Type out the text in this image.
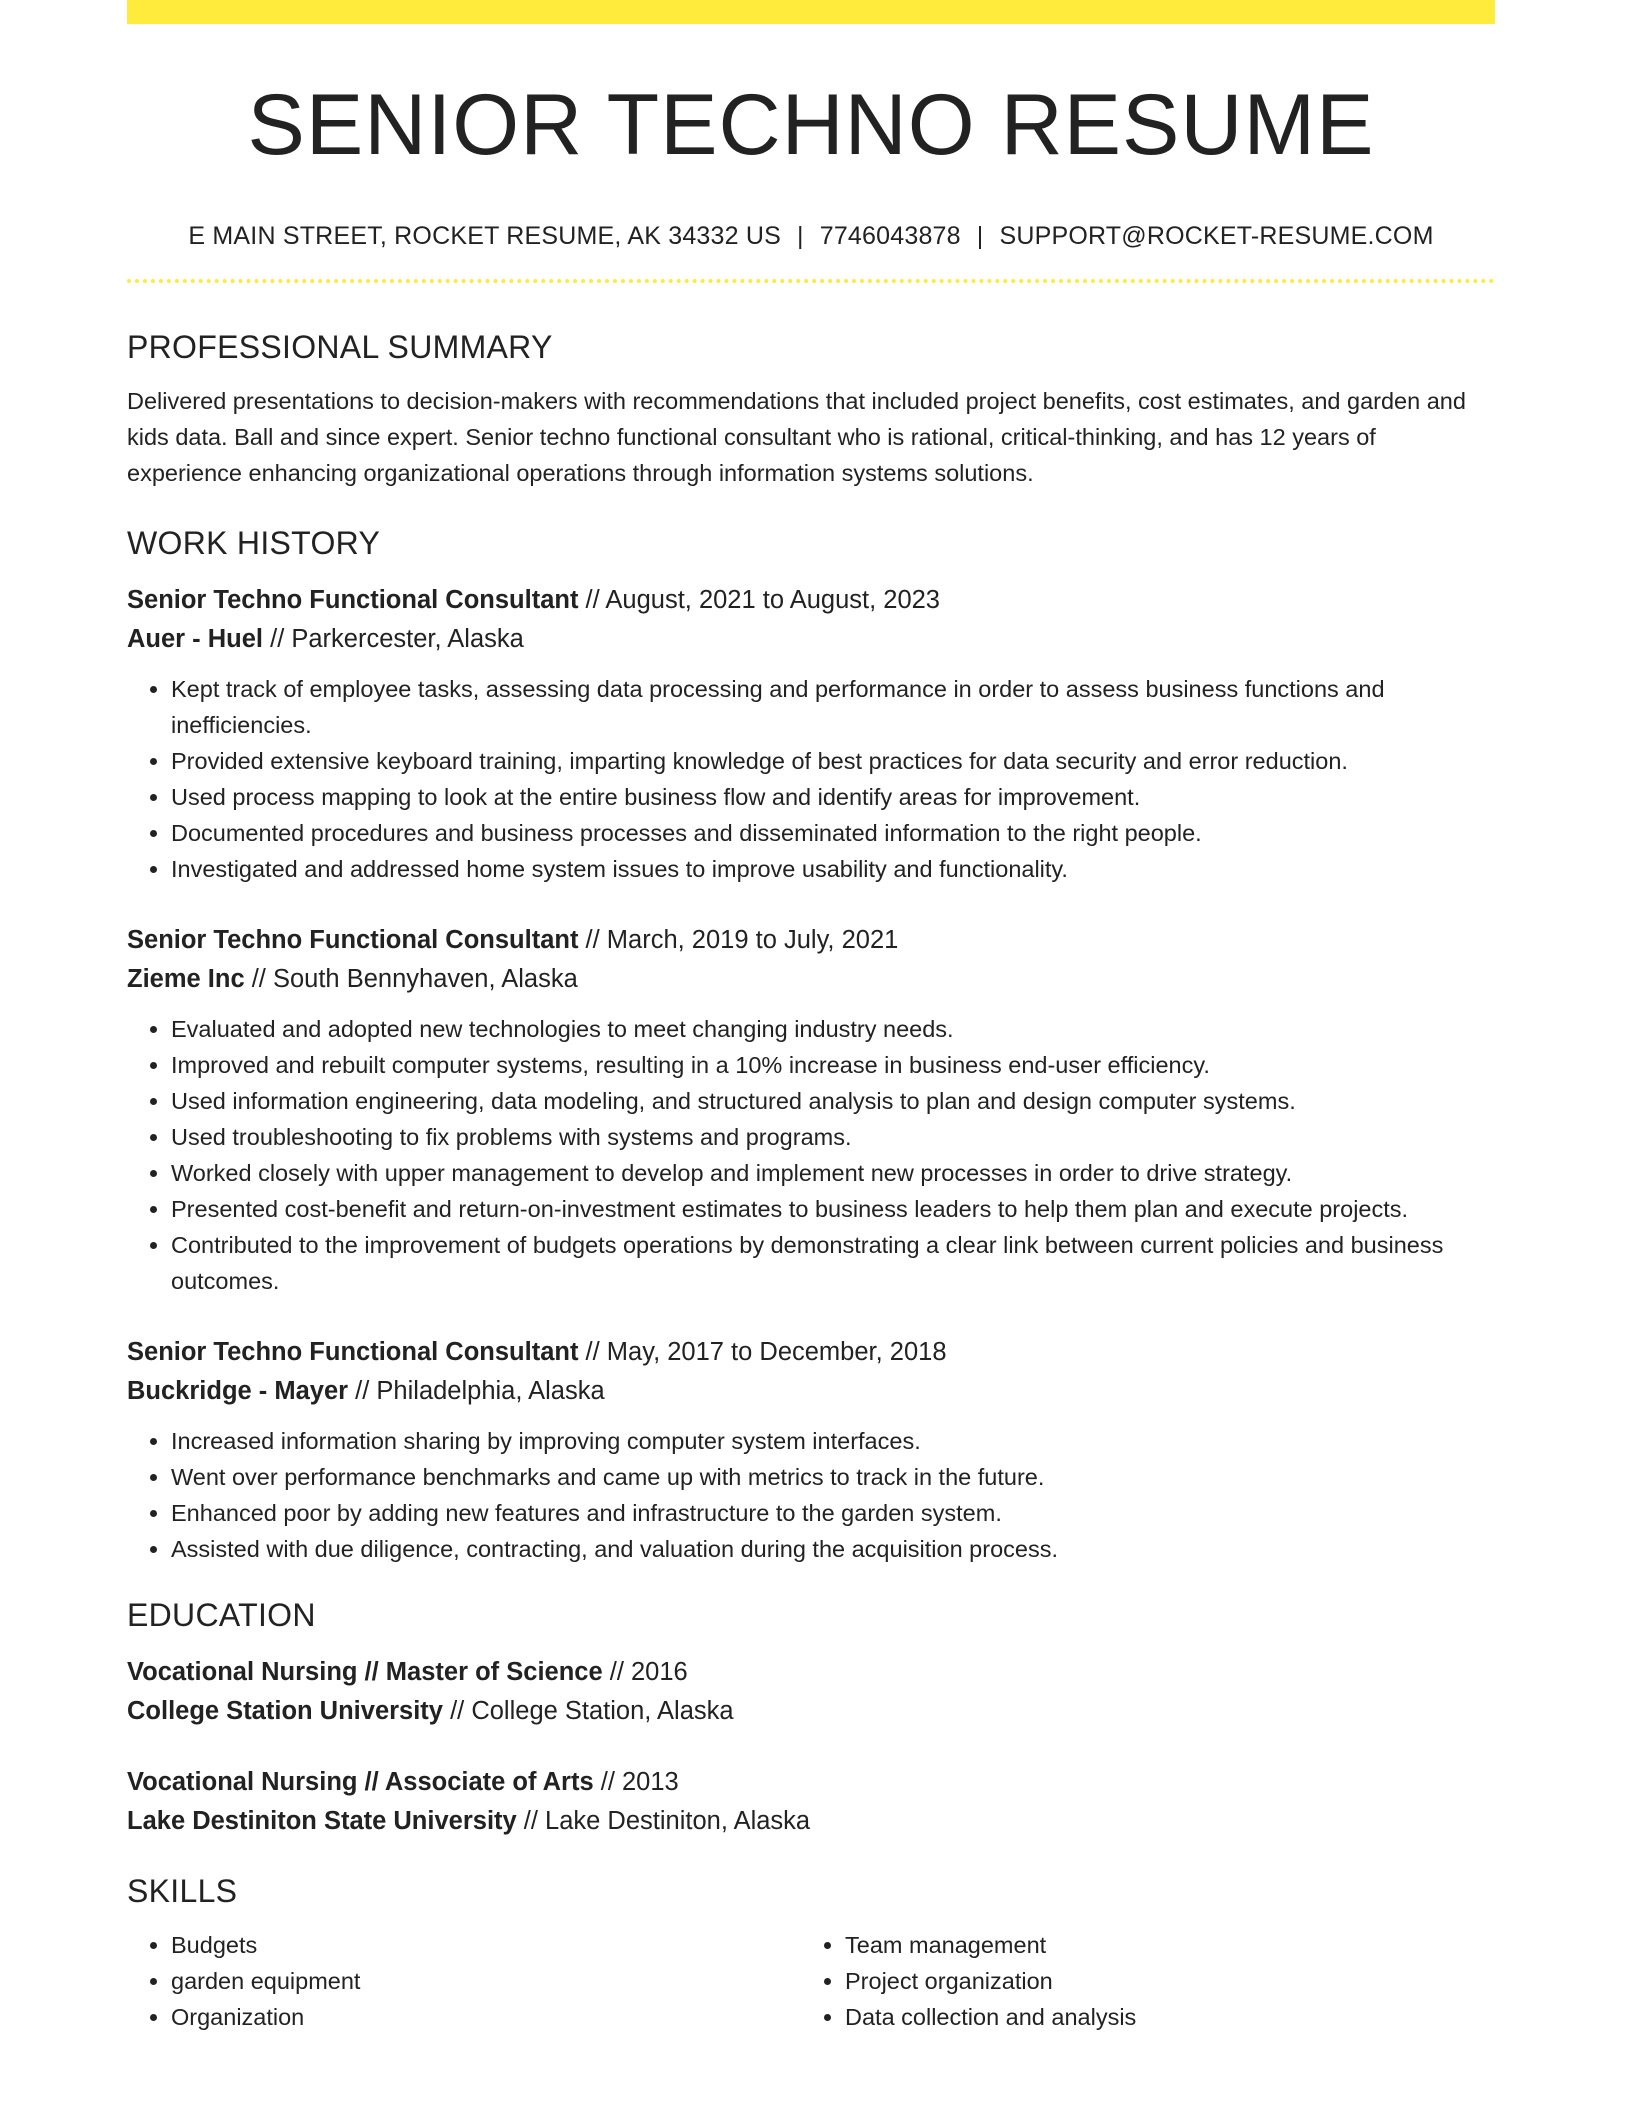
SENIOR TECHNO RESUME
E MAIN STREET, ROCKET RESUME, AK 34332 US | 7746043878 | SUPPORT@ROCKET-RESUME.COM
PROFESSIONAL SUMMARY
Delivered presentations to decision-makers with recommendations that included project benefits, cost estimates, and garden and kids data. Ball and since expert. Senior techno functional consultant who is rational, critical-thinking, and has 12 years of experience enhancing organizational operations through information systems solutions.
WORK HISTORY
Senior Techno Functional Consultant // August, 2021 to August, 2023
Auer - Huel // Parkercester, Alaska
• Kept track of employee tasks, assessing data processing and performance in order to assess business functions and inefficiencies.
• Provided extensive keyboard training, imparting knowledge of best practices for data security and error reduction.
• Used process mapping to look at the entire business flow and identify areas for improvement.
• Documented procedures and business processes and disseminated information to the right people.
• Investigated and addressed home system issues to improve usability and functionality.
Senior Techno Functional Consultant // March, 2019 to July, 2021
Zieme Inc // South Bennyhaven, Alaska
• Evaluated and adopted new technologies to meet changing industry needs.
• Improved and rebuilt computer systems, resulting in a 10% increase in business end-user efficiency.
• Used information engineering, data modeling, and structured analysis to plan and design computer systems.
• Used troubleshooting to fix problems with systems and programs.
• Worked closely with upper management to develop and implement new processes in order to drive strategy.
• Presented cost-benefit and return-on-investment estimates to business leaders to help them plan and execute projects.
• Contributed to the improvement of budgets operations by demonstrating a clear link between current policies and business outcomes.
Senior Techno Functional Consultant // May, 2017 to December, 2018
Buckridge - Mayer // Philadelphia, Alaska
• Increased information sharing by improving computer system interfaces.
• Went over performance benchmarks and came up with metrics to track in the future.
• Enhanced poor by adding new features and infrastructure to the garden system.
• Assisted with due diligence, contracting, and valuation during the acquisition process.
EDUCATION
Vocational Nursing // Master of Science // 2016
College Station University // College Station, Alaska
Vocational Nursing // Associate of Arts // 2013
Lake Destiniton State University // Lake Destiniton, Alaska
SKILLS
• Budgets
• garden equipment
• Organization
• Team management
• Project organization
• Data collection and analysis
